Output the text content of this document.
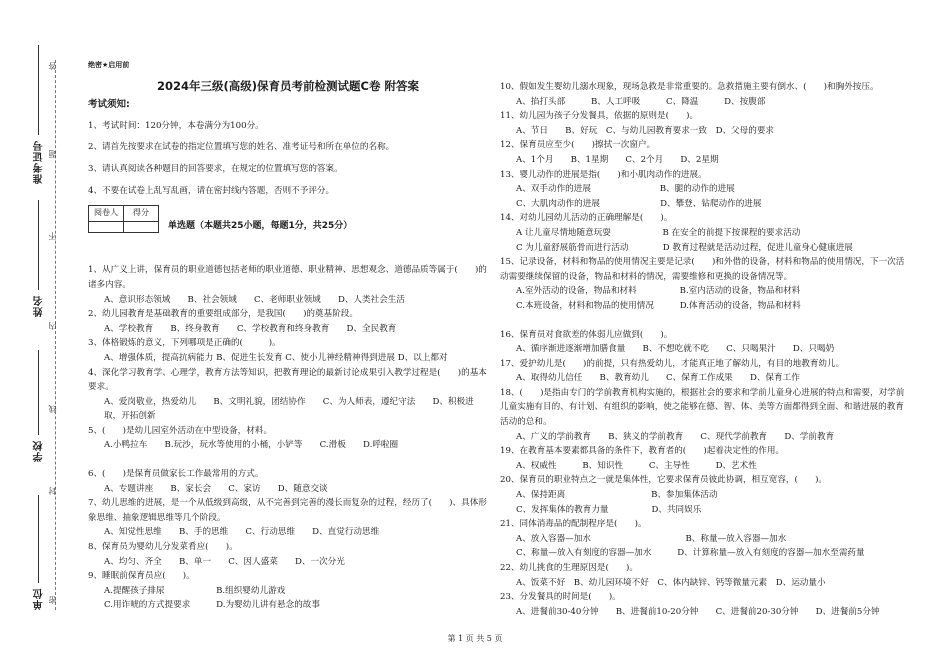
准考证号
姓名
学校
单位
答
题
不
内
线
封
密

绝密★启用前

2024年三级(高级)保育员考前检测试题C卷 附答案

考试须知:

1、考试时间：120分钟，本卷满分为100分。

2、请首先按要求在试卷的指定位置填写您的姓名、准考证号和所在单位的名称。

3、请认真阅读各种题目的回答要求，在规定的位置填写您的答案。

4、不要在试卷上乱写乱画，请在密封线内答题，否则不予评分。

阅卷人	得分

单选题（本题共25小题，每题1分，共25分）

1、从广义上讲，保育员的职业道德包括老师的职业道德、职业精神、思想观念、道德品质等属于(　　)的诸多内容。

A、意识形态领域　　B、社会领域　　C、老师职业领域　　D、人类社会生活

2、幼儿园教育是基础教育的重要组成部分，是我国(　　)的奠基阶段。

A、学校教育　　B、终身教育　　C、学校教育和终身教育　　D、全民教育

3、体格锻炼的意义，下列哪项是正确的(　　　)。

A、增强体质，提高抗病能力 B、促进生长发育 C、使小儿神经精神得到进展 D、以上都对

4、深化学习教育学、心理学，教育方法等知识，把教育理论的最新讨论成果引入教学过程是(　　)的基本要求。

A、爱岗敬业，热爱幼儿　　B、文明礼貌，团结协作　　C、为人师表，遵纪守法　　D、积极进取，开拓创新

5、(　　)是幼儿园室外活动在中型设备，材料。

A.小鸭拉车　　B.玩沙，玩水等使用的小桶，小铲等　　C.滑板　　D.呼啦圈

6、(　　)是保育员做家长工作最常用的方式。

A、专题讲座　　B、家长会　　C、家访　　D、随意交谈

7、幼儿思维的进展，是一个从低级到高级，从不完善到完善的漫长而复杂的过程，经历了(　　)、具体形象思维、抽象逻辑思维等几个阶段。

A、知觉性思维　　B、手的思维　　C、行动思维　　D、直觉行动思维

8、保育员为婴幼儿分发菜肴应(　　)。

A、均匀、齐全　　B、单一　　C、因人盛菜　　D、一次分光

9、睡眠前保育员应(　　)。

A.提醒孩子排尿　　　　　　B.组织婴幼儿游戏

C.用诈唬的方式提要求　　　D.为婴幼儿讲有悬念的故事

10、假如发生婴幼儿溺水现象，现场急救是非常重要的。急救措施主要有倒水、(　　)和胸外按压。

A、掐打头部　　　B、人工呼吸　　　C、降温　　　D、按腹部

11、幼儿园为孩子分发餐具，依据的原则是(　　)。

A、节日　　B、好玩　C、与幼儿园教育要求一致　D、父母的要求

12、保育员应至少(　　)擦拭一次窗户。

A、1个月　　B、1星期　　C、2个月　　D、2星期

13、婴儿动作的进展是指(　　)和小肌肉动作的进展。

A、双手动作的进展　　　　　　　　B、腿的动作的进展

C、大肌肉动作的进展　　　　　　　D、攀登、钻爬动作的进展

14、对幼儿园幼儿活动的正确理解是(　　)。

A 让儿童尽情地随意玩耍　　　　　　B 在安全的前提下按课程的要求活动

C 为儿童舒展筋骨而进行活动　　　　D 教育过程就是活动过程，促进儿童身心健康进展

15、记录设备，材料和物品的使用情况主要是记录(　　)和外借的设备，材料和物品的使用情况，下一次活动需要继续保留的设备，物品和材料的情况，需要维修和更换的设备情况等。

A.室外活动的设备，物品和材料　　　　　B.室内活动的设备，物品和材料

C.本班设备，材料和物品的使用情况　　　D.体育活动的设备，物品和材料

16、保育员对食欲差的体弱儿应做到(　　)。

A、循序渐进逐渐增加膳食量　　B、不想吃就不吃　　C、只喝果汁　　D、只喝奶

17、爱护幼儿是(　　)的前提，只有热爱幼儿，才能真正地了解幼儿，有目的地教育幼儿。

A、取得幼儿信任　　B、教育幼儿　　C、保育工作成果　　D、保育工作

18、(　　)是指由专门的学前教育机构实施的，根据社会的要求和学前儿童身心进展的特点和需要，对学前儿童实施有目的、有计划、有组织的影响，使之能够在德、智、体、美等方面都得到全面、和谐进展的教育活动的总和。

A、广义的学前教育　　B、狭义的学前教育　　C、现代学前教育　　D、学前教育

19、在教育基本要素都具备的条件下，教育者的(　　)起着决定性的作用。

A、权威性　　　B、知识性　　　C、主导性　　　D、艺术性

20、保育员的职业特点之一就是集体性，它要求保育员彼此协调，相互宽容，(　　)。

A、保持距离　　　　　　　　　　B、参加集体活动

C、发挥集体的教育力量　　　　　D、共同娱乐

21、同体消毒品的配制程序是(　　)。

A、放入容器—加水　　　　　　　　　　　B、称量—放入容器—加水

C、称量—放入有刻度的容器—加水　　　D、计算称量—放入有刻度的容器—加水至需药量

22、幼儿挑食的生理原因是(　　)。

A、饭菜不好　B、幼儿园环境不好　C、体内缺锌、钙等微量元素　D、运动量小

23、分发餐具的时间是(　　)。

A、进餐前30-40分钟　　B、进餐前10-20分钟　　C、进餐前20-30分钟　　D、进餐前5分钟

第 1 页 共 5 页
